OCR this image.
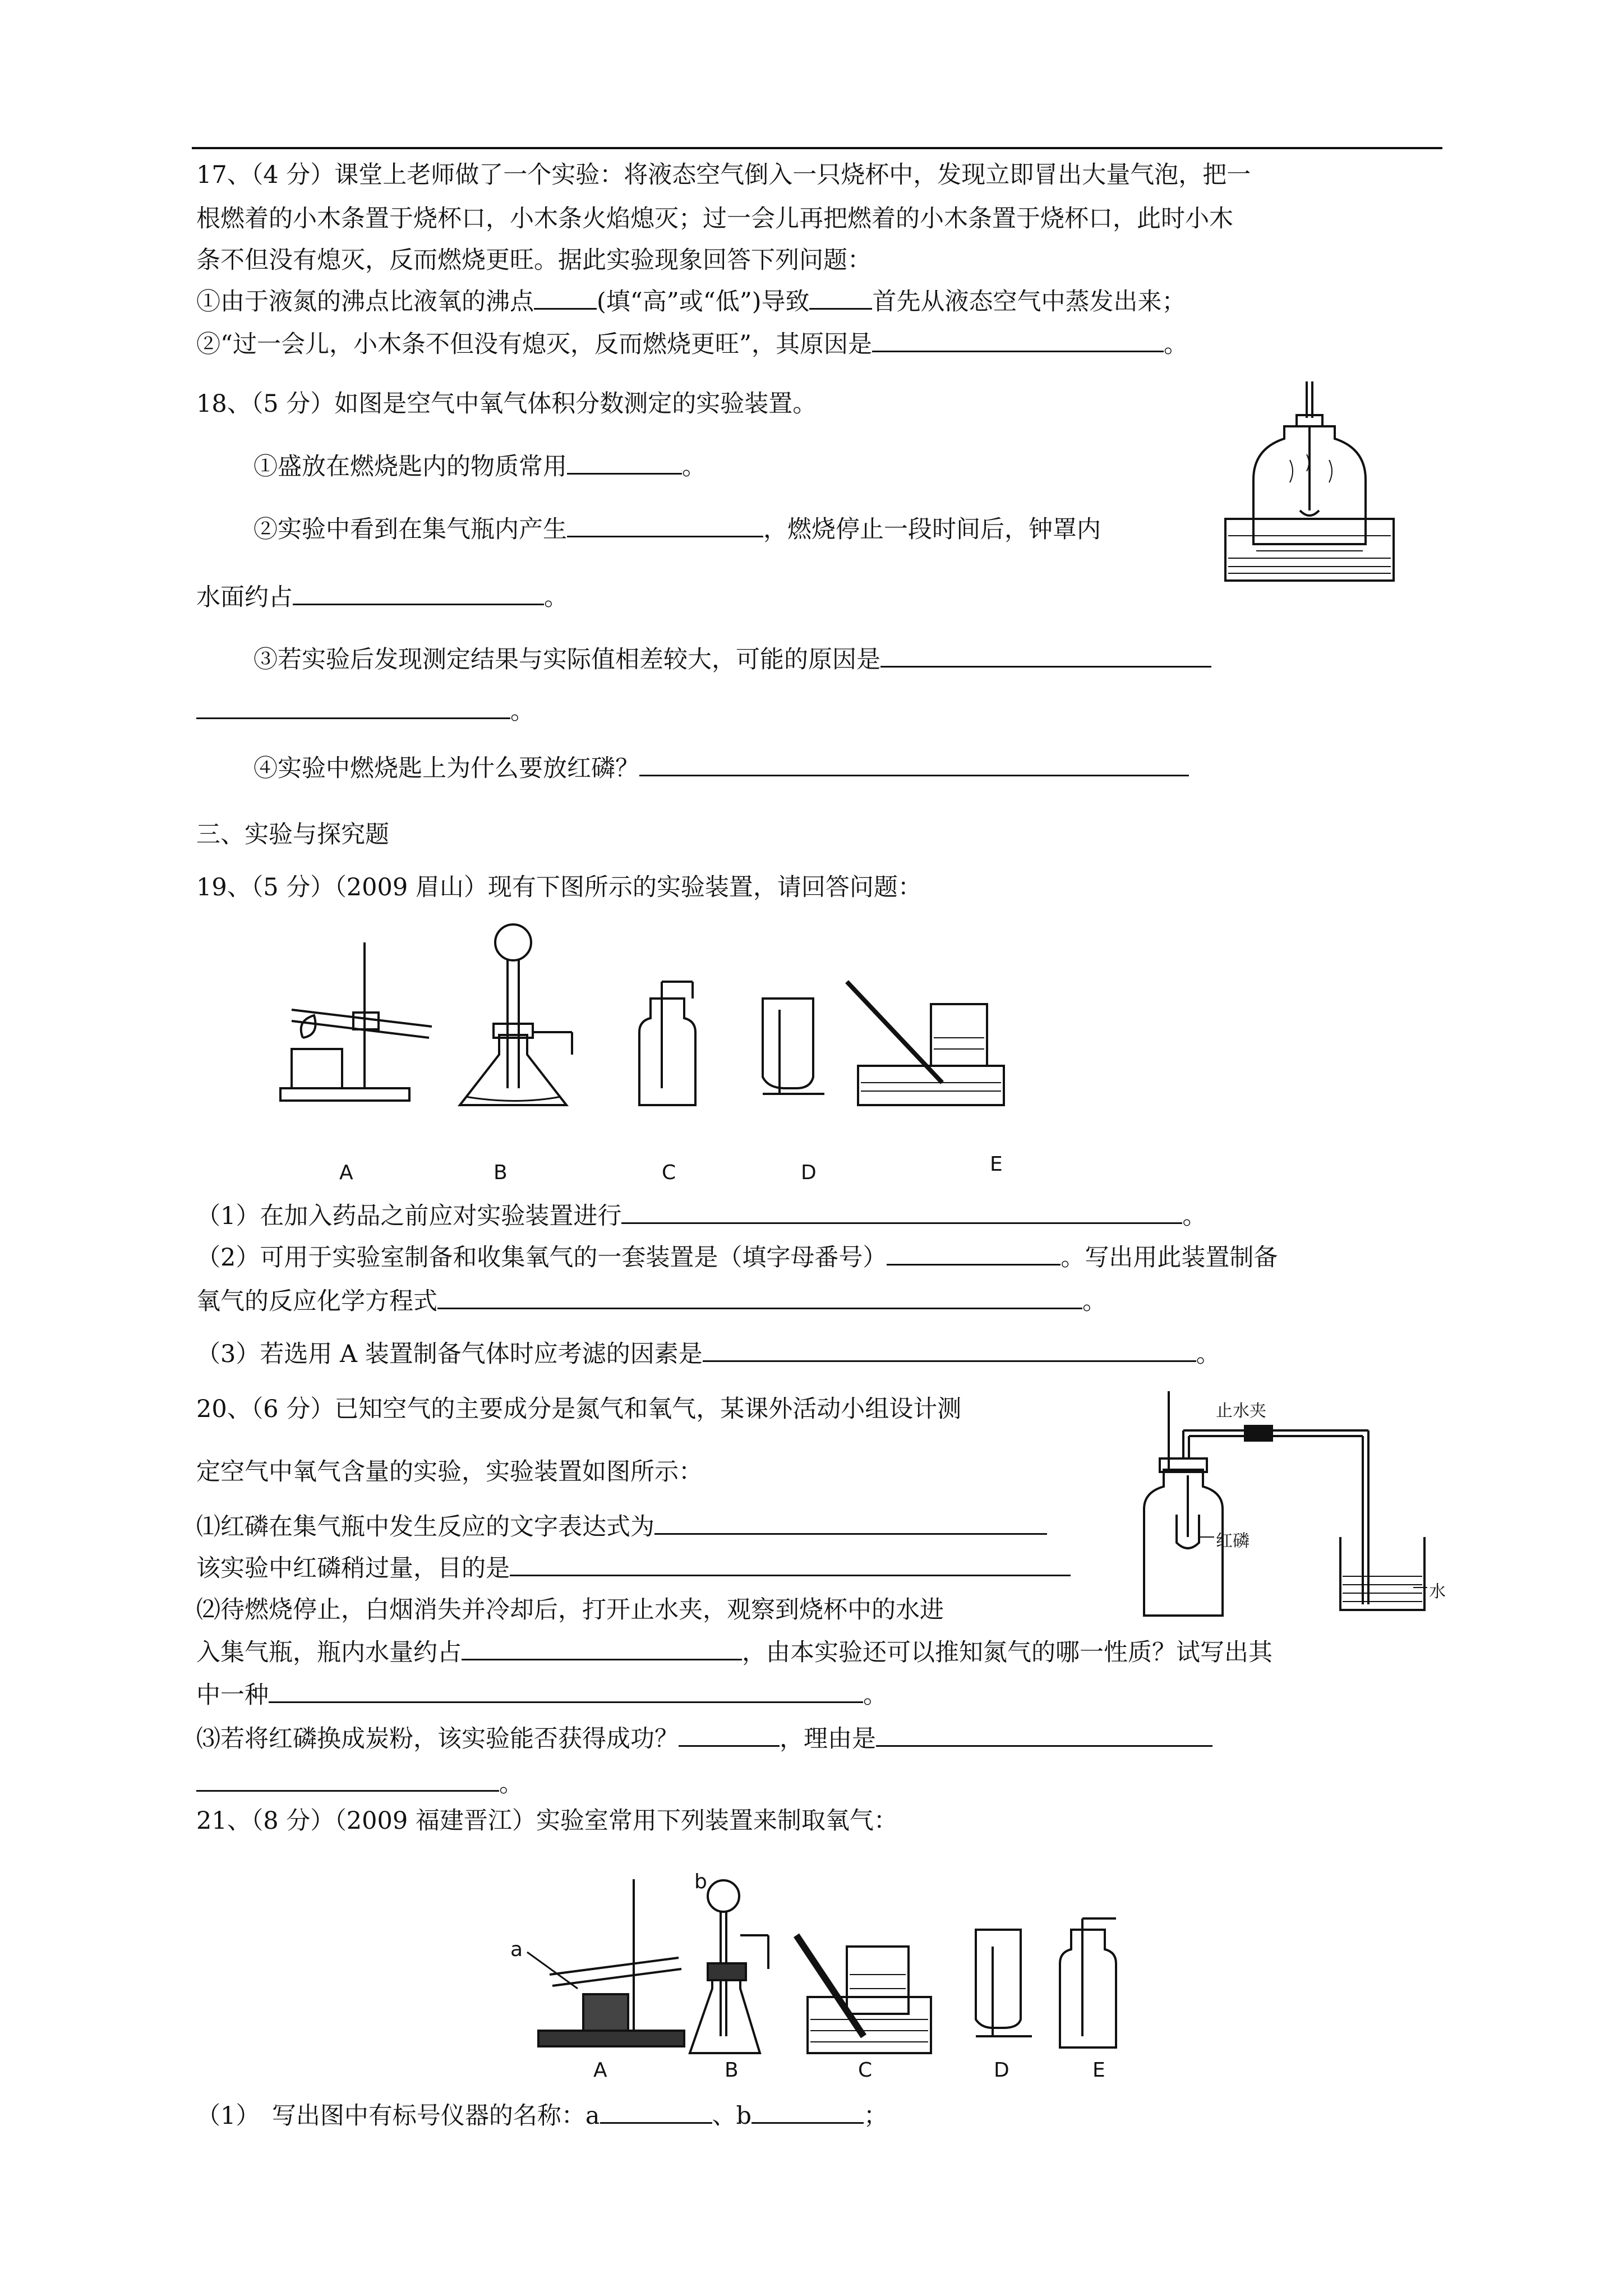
17、（4 分）课堂上老师做了一个实验：将液态空气倒入一只烧杯中，发现立即冒出大量气泡，把一
根燃着的小木条置于烧杯口，小木条火焰熄灭；过一会儿再把燃着的小木条置于烧杯口，此时小木
条不但没有熄灭，反而燃烧更旺。据此实验现象回答下列问题：
①由于液氮的沸点比液氧的沸点	(填“高”或“低”)导致	首先从液态空气中蒸发出来；
②“过一会儿，小木条不但没有熄灭，反而燃烧更旺”，其原因是	。
18、（5 分）如图是空气中氧气体积分数测定的实验装置。
①盛放在燃烧匙内的物质常用	。
②实验中看到在集气瓶内产生	，燃烧停止一段时间后，钟罩内
水面约占	。
③若实验后发现测定结果与实际值相差较大，可能的原因是
。
④实验中燃烧匙上为什么要放红磷？
三、实验与探究题
19、（5 分）（2009 眉山）现有下图所示的实验装置，请回答问题：
A	B	C	D	E
（1）在加入药品之前应对实验装置进行	。
（2）可用于实验室制备和收集氧气的一套装置是（填字母番号）	。写出用此装置制备
氧气的反应化学方程式	。
（3）若选用 A 装置制备气体时应考滤的因素是	。
20、（6 分）已知空气的主要成分是氮气和氧气，某课外活动小组设计测
定空气中氧气含量的实验，实验装置如图所示：
⑴红磷在集气瓶中发生反应的文字表达式为
该实验中红磷稍过量，目的是
⑵待燃烧停止，白烟消失并冷却后，打开止水夹，观察到烧杯中的水进
入集气瓶，瓶内水量约占	，由本实验还可以推知氮气的哪一性质？试写出其
中一种	。
⑶若将红磷换成炭粉，该实验能否获得成功？	，理由是
。
止水夹
红磷
水
21、（8 分）（2009 福建晋江）实验室常用下列装置来制取氧气：
a
b
A	B	C	D	E
（1）　写出图中有标号仪器的名称：a	、b	；
